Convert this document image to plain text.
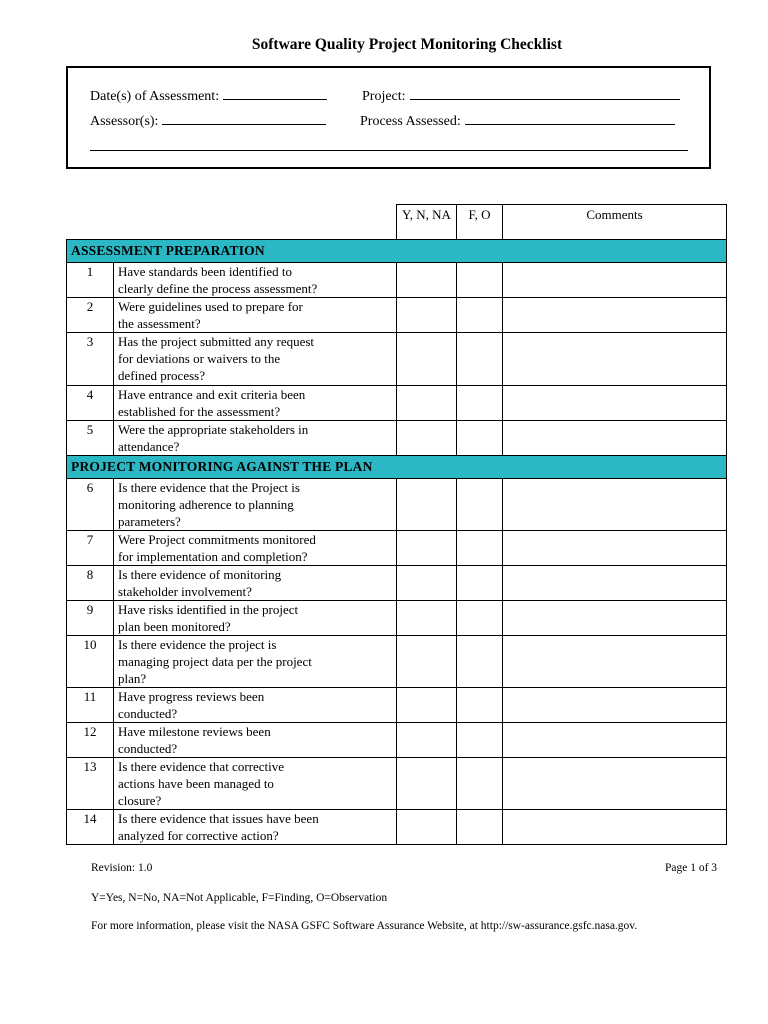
Software Quality Project Monitoring Checklist
Date(s) of Assessment:	Project:
Assessor(s):	Process Assessed:
		Y, N, NA	F, O	Comments
ASSESSMENT PREPARATION				
1	Have standards been identified to
clearly define the process assessment?			

2	Were guidelines used to prepare for
the assessment?			

3	Has the project submitted any request
for deviations or waivers to the
defined process?			

4	Have entrance and exit criteria been
established for the assessment?			

5	Were the appropriate stakeholders in
attendance?			

PROJECT MONITORING AGAINST THE PLAN				
6	Is there evidence that the Project is
monitoring adherence to planning
parameters?			

7	Were Project commitments monitored
for implementation and completion?			

8	Is there evidence of monitoring
stakeholder involvement?			

9	Have risks identified in the project
plan been monitored?			

10	Is there evidence the project is
managing project data per the project
plan?			

11	Have progress reviews been
conducted?			

12	Have milestone reviews been
conducted?			

13	Is there evidence that corrective
actions have been managed to
closure?			

14	Is there evidence that issues have been
analyzed for corrective action?			

Revision: 1.0	Page 1 of 3
Y=Yes, N=No, NA=Not Applicable, F=Finding, O=Observation
For more information, please visit the NASA GSFC Software Assurance Website, at http://sw-assurance.gsfc.nasa.gov.
